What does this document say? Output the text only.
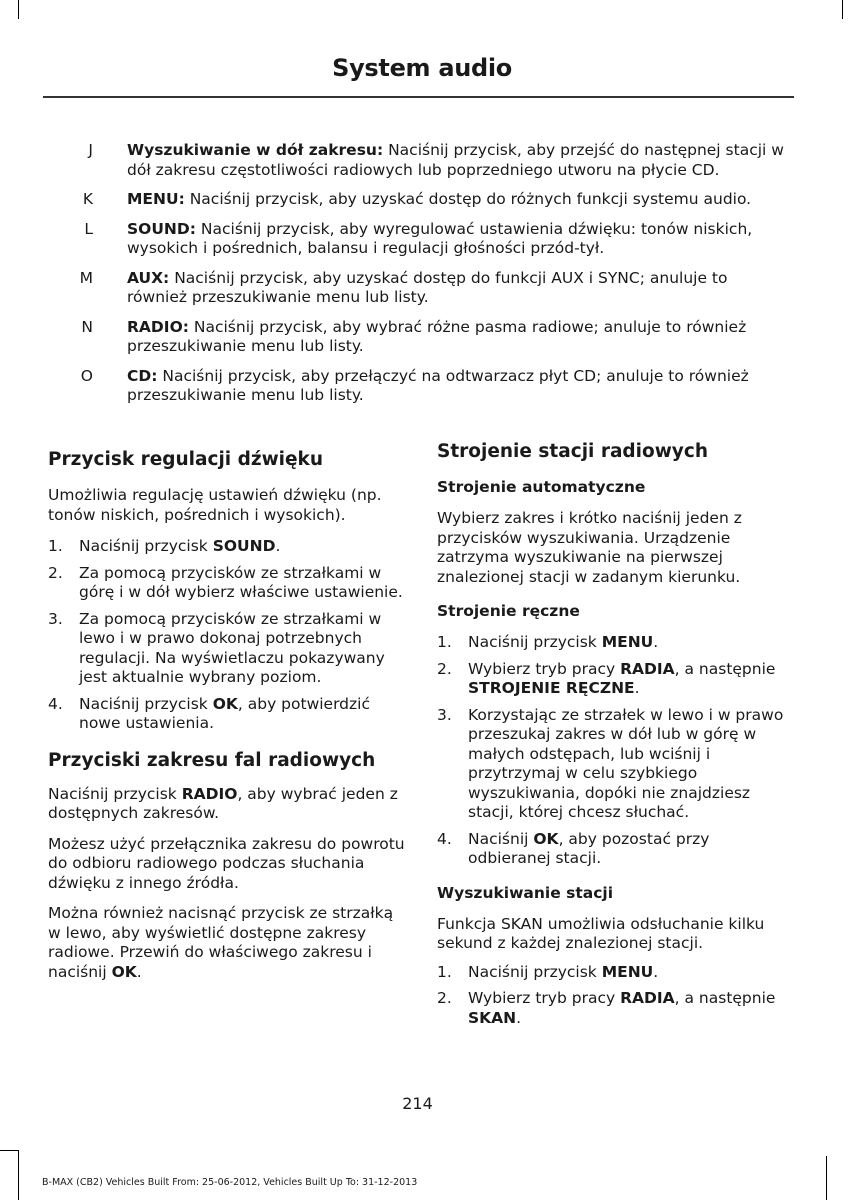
System audio
J	Wyszukiwanie w dół zakresu: Naciśnij przycisk, aby przejść do następnej stacji w dół zakresu częstotliwości radiowych lub poprzedniego utworu na płycie CD.
K	MENU: Naciśnij przycisk, aby uzyskać dostęp do różnych funkcji systemu audio.
L	SOUND: Naciśnij przycisk, aby wyregulować ustawienia dźwięku: tonów niskich, wysokich i pośrednich, balansu i regulacji głośności przód-tył.
M	AUX: Naciśnij przycisk, aby uzyskać dostęp do funkcji AUX i SYNC; anuluje to również przeszukiwanie menu lub listy.
N	RADIO: Naciśnij przycisk, aby wybrać różne pasma radiowe; anuluje to również przeszukiwanie menu lub listy.
O	CD: Naciśnij przycisk, aby przełączyć na odtwarzacz płyt CD; anuluje to również przeszukiwanie menu lub listy.
Przycisk regulacji dźwięku

Umożliwia regulację ustawień dźwięku (np. tonów niskich, pośrednich i wysokich).

1.	Naciśnij przycisk SOUND.
2.	Za pomocą przycisków ze strzałkami w górę i w dół wybierz właściwe ustawienie.
3.	Za pomocą przycisków ze strzałkami w lewo i w prawo dokonaj potrzebnych regulacji. Na wyświetlaczu pokazywany jest aktualnie wybrany poziom.
4.	Naciśnij przycisk OK, aby potwierdzić nowe ustawienia.
Przyciski zakresu fal radiowych

Naciśnij przycisk RADIO, aby wybrać jeden z dostępnych zakresów.

Możesz użyć przełącznika zakresu do powrotu do odbioru radiowego podczas słuchania dźwięku z innego źródła.

Można również nacisnąć przycisk ze strzałką w lewo, aby wyświetlić dostępne zakresy radiowe. Przewiń do właściwego zakresu i naciśnij OK.

Strojenie stacji radiowych
Strojenie automatyczne

Wybierz zakres i krótko naciśnij jeden z przycisków wyszukiwania. Urządzenie zatrzyma wyszukiwanie na pierwszej znalezionej stacji w zadanym kierunku.

Strojenie ręczne
1.	Naciśnij przycisk MENU.
2.	Wybierz tryb pracy RADIA, a następnie STROJENIE RĘCZNE.
3.	Korzystając ze strzałek w lewo i w prawo przeszukaj zakres w dół lub w górę w małych odstępach, lub wciśnij i przytrzymaj w celu szybkiego wyszukiwania, dopóki nie znajdziesz stacji, której chcesz słuchać.
4.	Naciśnij OK, aby pozostać przy odbieranej stacji.
Wyszukiwanie stacji

Funkcja SKAN umożliwia odsłuchanie kilku sekund z każdej znalezionej stacji.

1.	Naciśnij przycisk MENU.
2.	Wybierz tryb pracy RADIA, a następnie SKAN.
214
B-MAX (CB2) Vehicles Built From: 25-06-2012, Vehicles Built Up To: 31-12-2013
